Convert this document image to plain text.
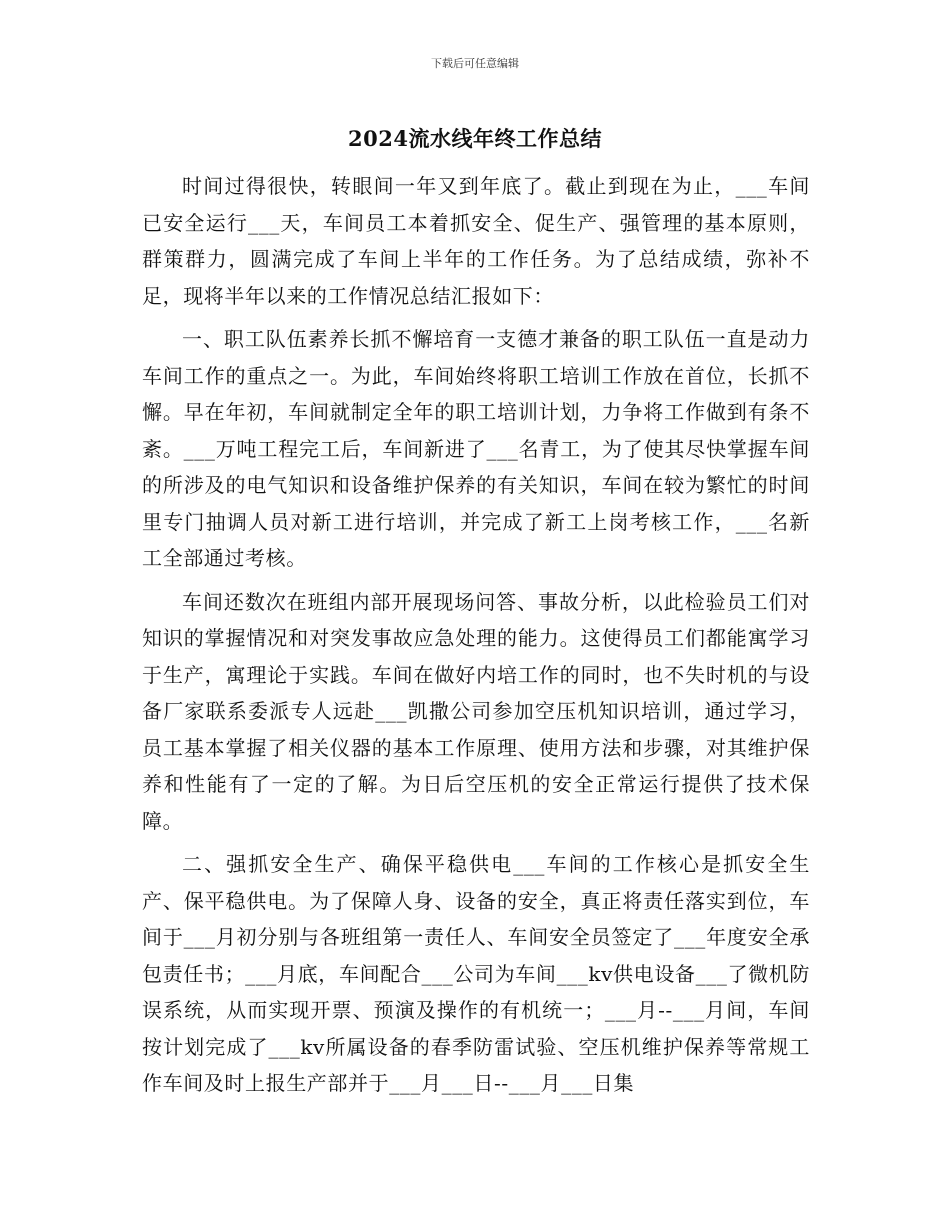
下载后可任意编辑
2024流水线年终工作总结

时间过得很快，转眼间一年又到年底了。截止到现在为止，___车间已安全运行___天，车间员工本着抓安全、促生产、强管理的基本原则，群策群力，圆满完成了车间上半年的工作任务。为了总结成绩，弥补不足，现将半年以来的工作情况总结汇报如下：

一、职工队伍素养长抓不懈培育一支德才兼备的职工队伍一直是动力车间工作的重点之一。为此，车间始终将职工培训工作放在首位，长抓不懈。早在年初，车间就制定全年的职工培训计划，力争将工作做到有条不紊。___万吨工程完工后，车间新进了___名青工，为了使其尽快掌握车间的所涉及的电气知识和设备维护保养的有关知识，车间在较为繁忙的时间里专门抽调人员对新工进行培训，并完成了新工上岗考核工作，___名新工全部通过考核。

车间还数次在班组内部开展现场问答、事故分析，以此检验员工们对知识的掌握情况和对突发事故应急处理的能力。这使得员工们都能寓学习于生产，寓理论于实践。车间在做好内培工作的同时，也不失时机的与设备厂家联系委派专人远赴___凯撒公司参加空压机知识培训，通过学习，员工基本掌握了相关仪器的基本工作原理、使用方法和步骤，对其维护保养和性能有了一定的了解。为日后空压机的安全正常运行提供了技术保障。

二、强抓安全生产、确保平稳供电___车间的工作核心是抓安全生产、保平稳供电。为了保障人身、设备的安全，真正将责任落实到位，车间于___月初分别与各班组第一责任人、车间安全员签定了___年度安全承包责任书；___月底，车间配合___公司为车间___kv供电设备___了微机防误系统，从而实现开票、预演及操作的有机统一；___月--___月间，车间按计划完成了___kv所属设备的春季防雷试验、空压机维护保养等常规工作车间及时上报生产部并于___月___日--___月___日集
